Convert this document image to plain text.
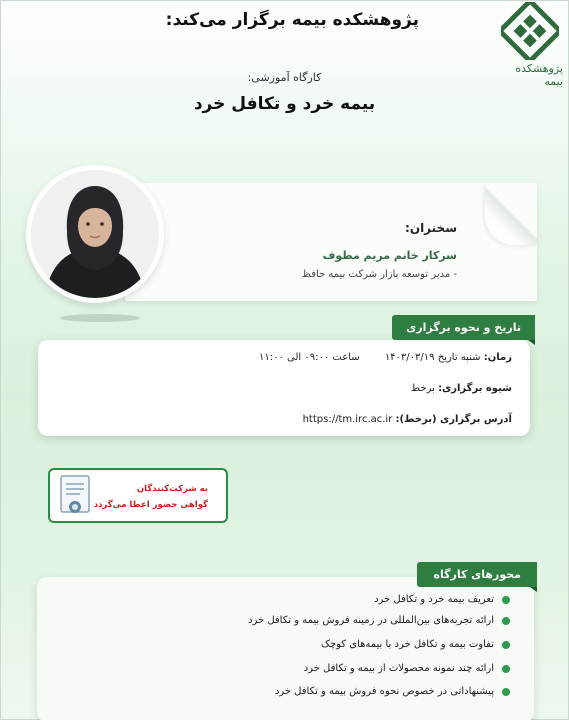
پژوهشکده بیمه
پژوهشکده بیمه برگزار می‌کند:
کارگاه آموزشی:
بیمه خرد و تکافل خرد
سخنران:
سرکار خانم مریم مطوف
- مدیر توسعه بازار شرکت بیمه حافظ
زمان: شنبه تاریخ ۱۴۰۳/۰۳/۱۹ ساعت ۰۹:۰۰ الی ۱۱:۰۰
شیوه برگزاری: برخط
آدرس برگزاری (برخط): https://tm.irc.ac.ir
تاریخ و نحوه برگزاری
به شرکت‌کنندگان
گواهی حضور اعطا می‌گردد
تعریف بیمه خرد و تکافل خرد
ارائه تجربه‌های بین‌المللی در زمینه فروش بیمه و تکافل خرد
تفاوت بیمه و تکافل خرد با بیمه‌های کوچک
ارائه چند نمونه محصولات از بیمه و تکافل خرد
پیشنهاداتی در خصوص نحوه فروش بیمه و تکافل خرد
محورهای کارگاه
